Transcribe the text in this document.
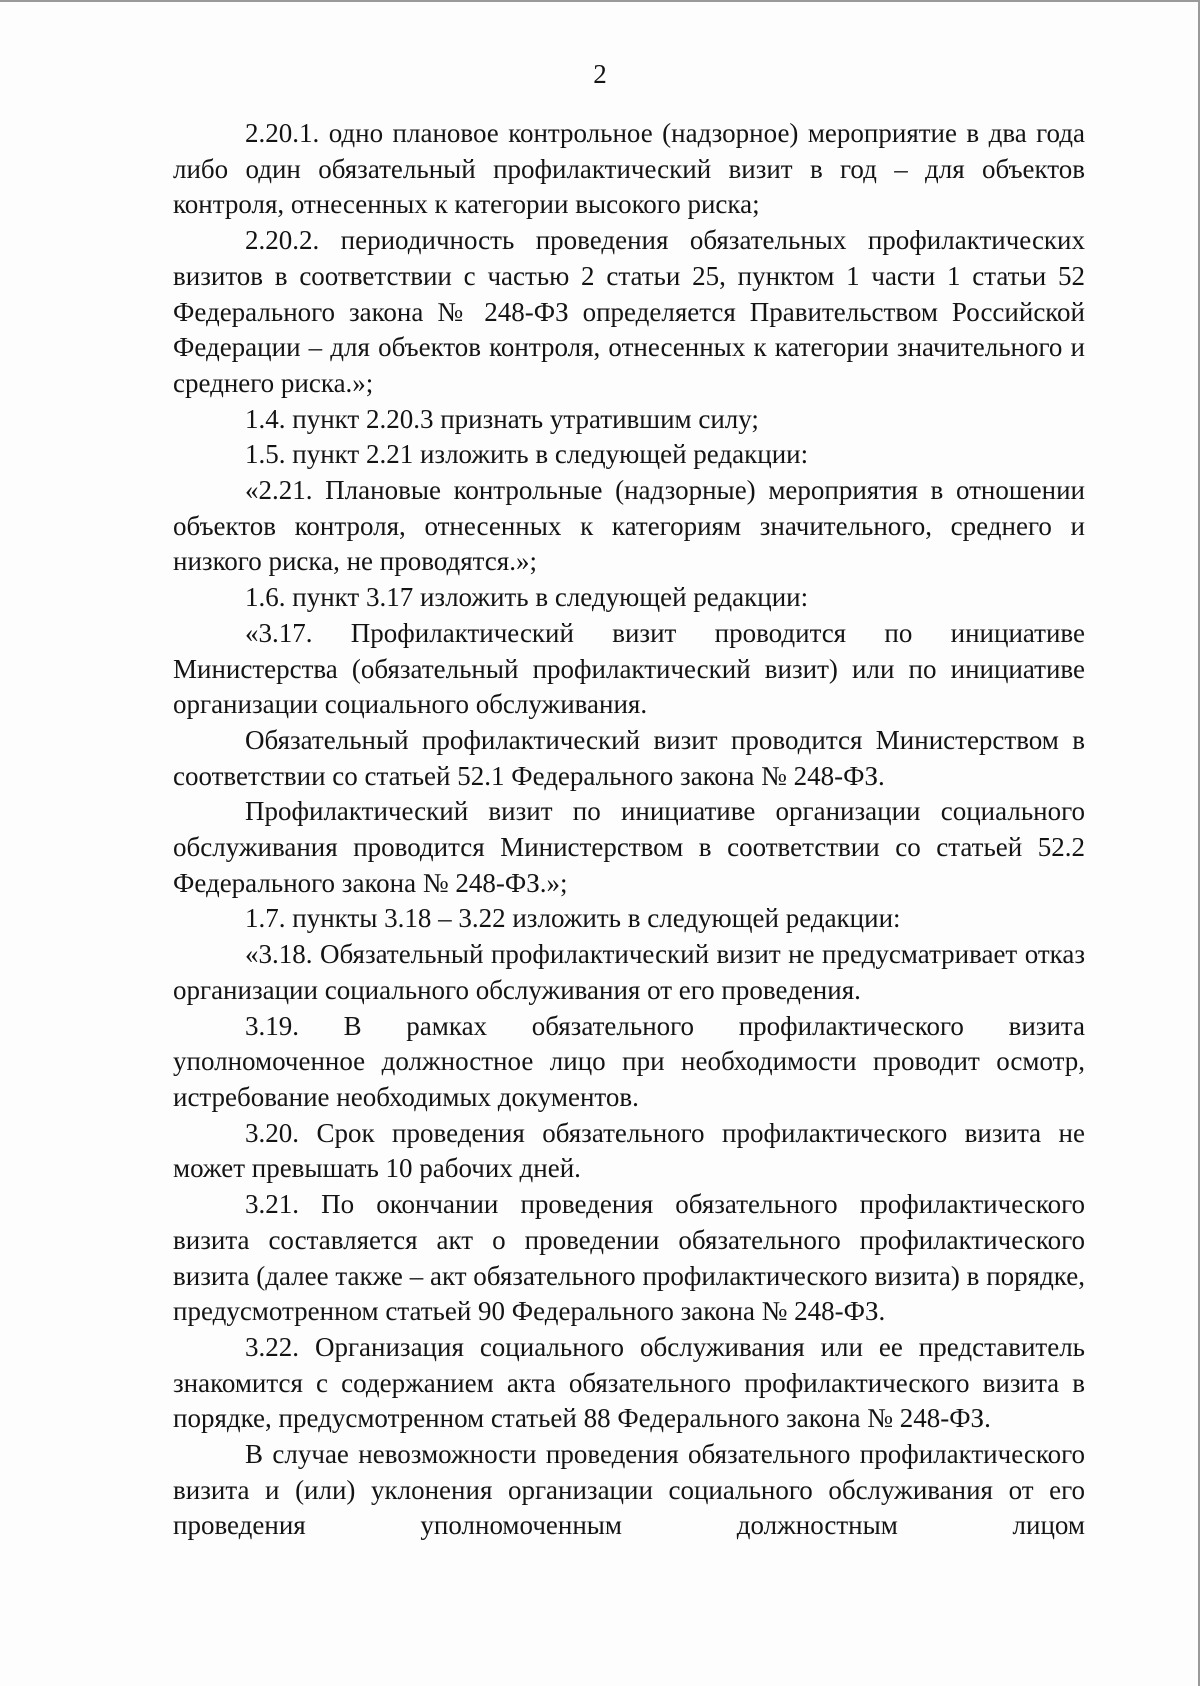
2

2.20.1. одно плановое контрольное (надзорное) мероприятие в два года либо один обязательный профилактический визит в год – для объектов контроля, отнесенных к категории высокого риска;

2.20.2. периодичность проведения обязательных профилактических визитов в соответствии с частью 2 статьи 25, пунктом 1 части 1 статьи 52 Федерального закона № 248-ФЗ определяется Правительством Российской Федерации – для объектов контроля, отнесенных к категории значительного и среднего риска.»;

1.4. пункт 2.20.3 признать утратившим силу;

1.5. пункт 2.21 изложить в следующей редакции:

«2.21. Плановые контрольные (надзорные) мероприятия в отношении объектов контроля, отнесенных к категориям значительного, среднего и низкого риска, не проводятся.»;

1.6. пункт 3.17 изложить в следующей редакции:

«3.17. Профилактический визит проводится по инициативе Министерства (обязательный профилактический визит) или по инициативе организации социального обслуживания.

Обязательный профилактический визит проводится Министерством в соответствии со статьей 52.1 Федерального закона № 248-ФЗ.

Профилактический визит по инициативе организации социального обслуживания проводится Министерством в соответствии со статьей 52.2 Федерального закона № 248-ФЗ.»;

1.7. пункты 3.18 – 3.22 изложить в следующей редакции:

«3.18. Обязательный профилактический визит не предусматривает отказ организации социального обслуживания от его проведения.

3.19. В рамках обязательного профилактического визита уполномоченное должностное лицо при необходимости проводит осмотр, истребование необходимых документов.

3.20. Срок проведения обязательного профилактического визита не может превышать 10 рабочих дней.

3.21. По окончании проведения обязательного профилактического визита составляется акт о проведении обязательного профилактического визита (далее также – акт обязательного профилактического визита) в порядке, предусмотренном статьей 90 Федерального закона № 248-ФЗ.

3.22. Организация социального обслуживания или ее представитель знакомится с содержанием акта обязательного профилактического визита в порядке, предусмотренном статьей 88 Федерального закона № 248-ФЗ.

В случае невозможности проведения обязательного профилактического визита и (или) уклонения организации социального обслуживания от его проведения уполномоченным должностным лицом
